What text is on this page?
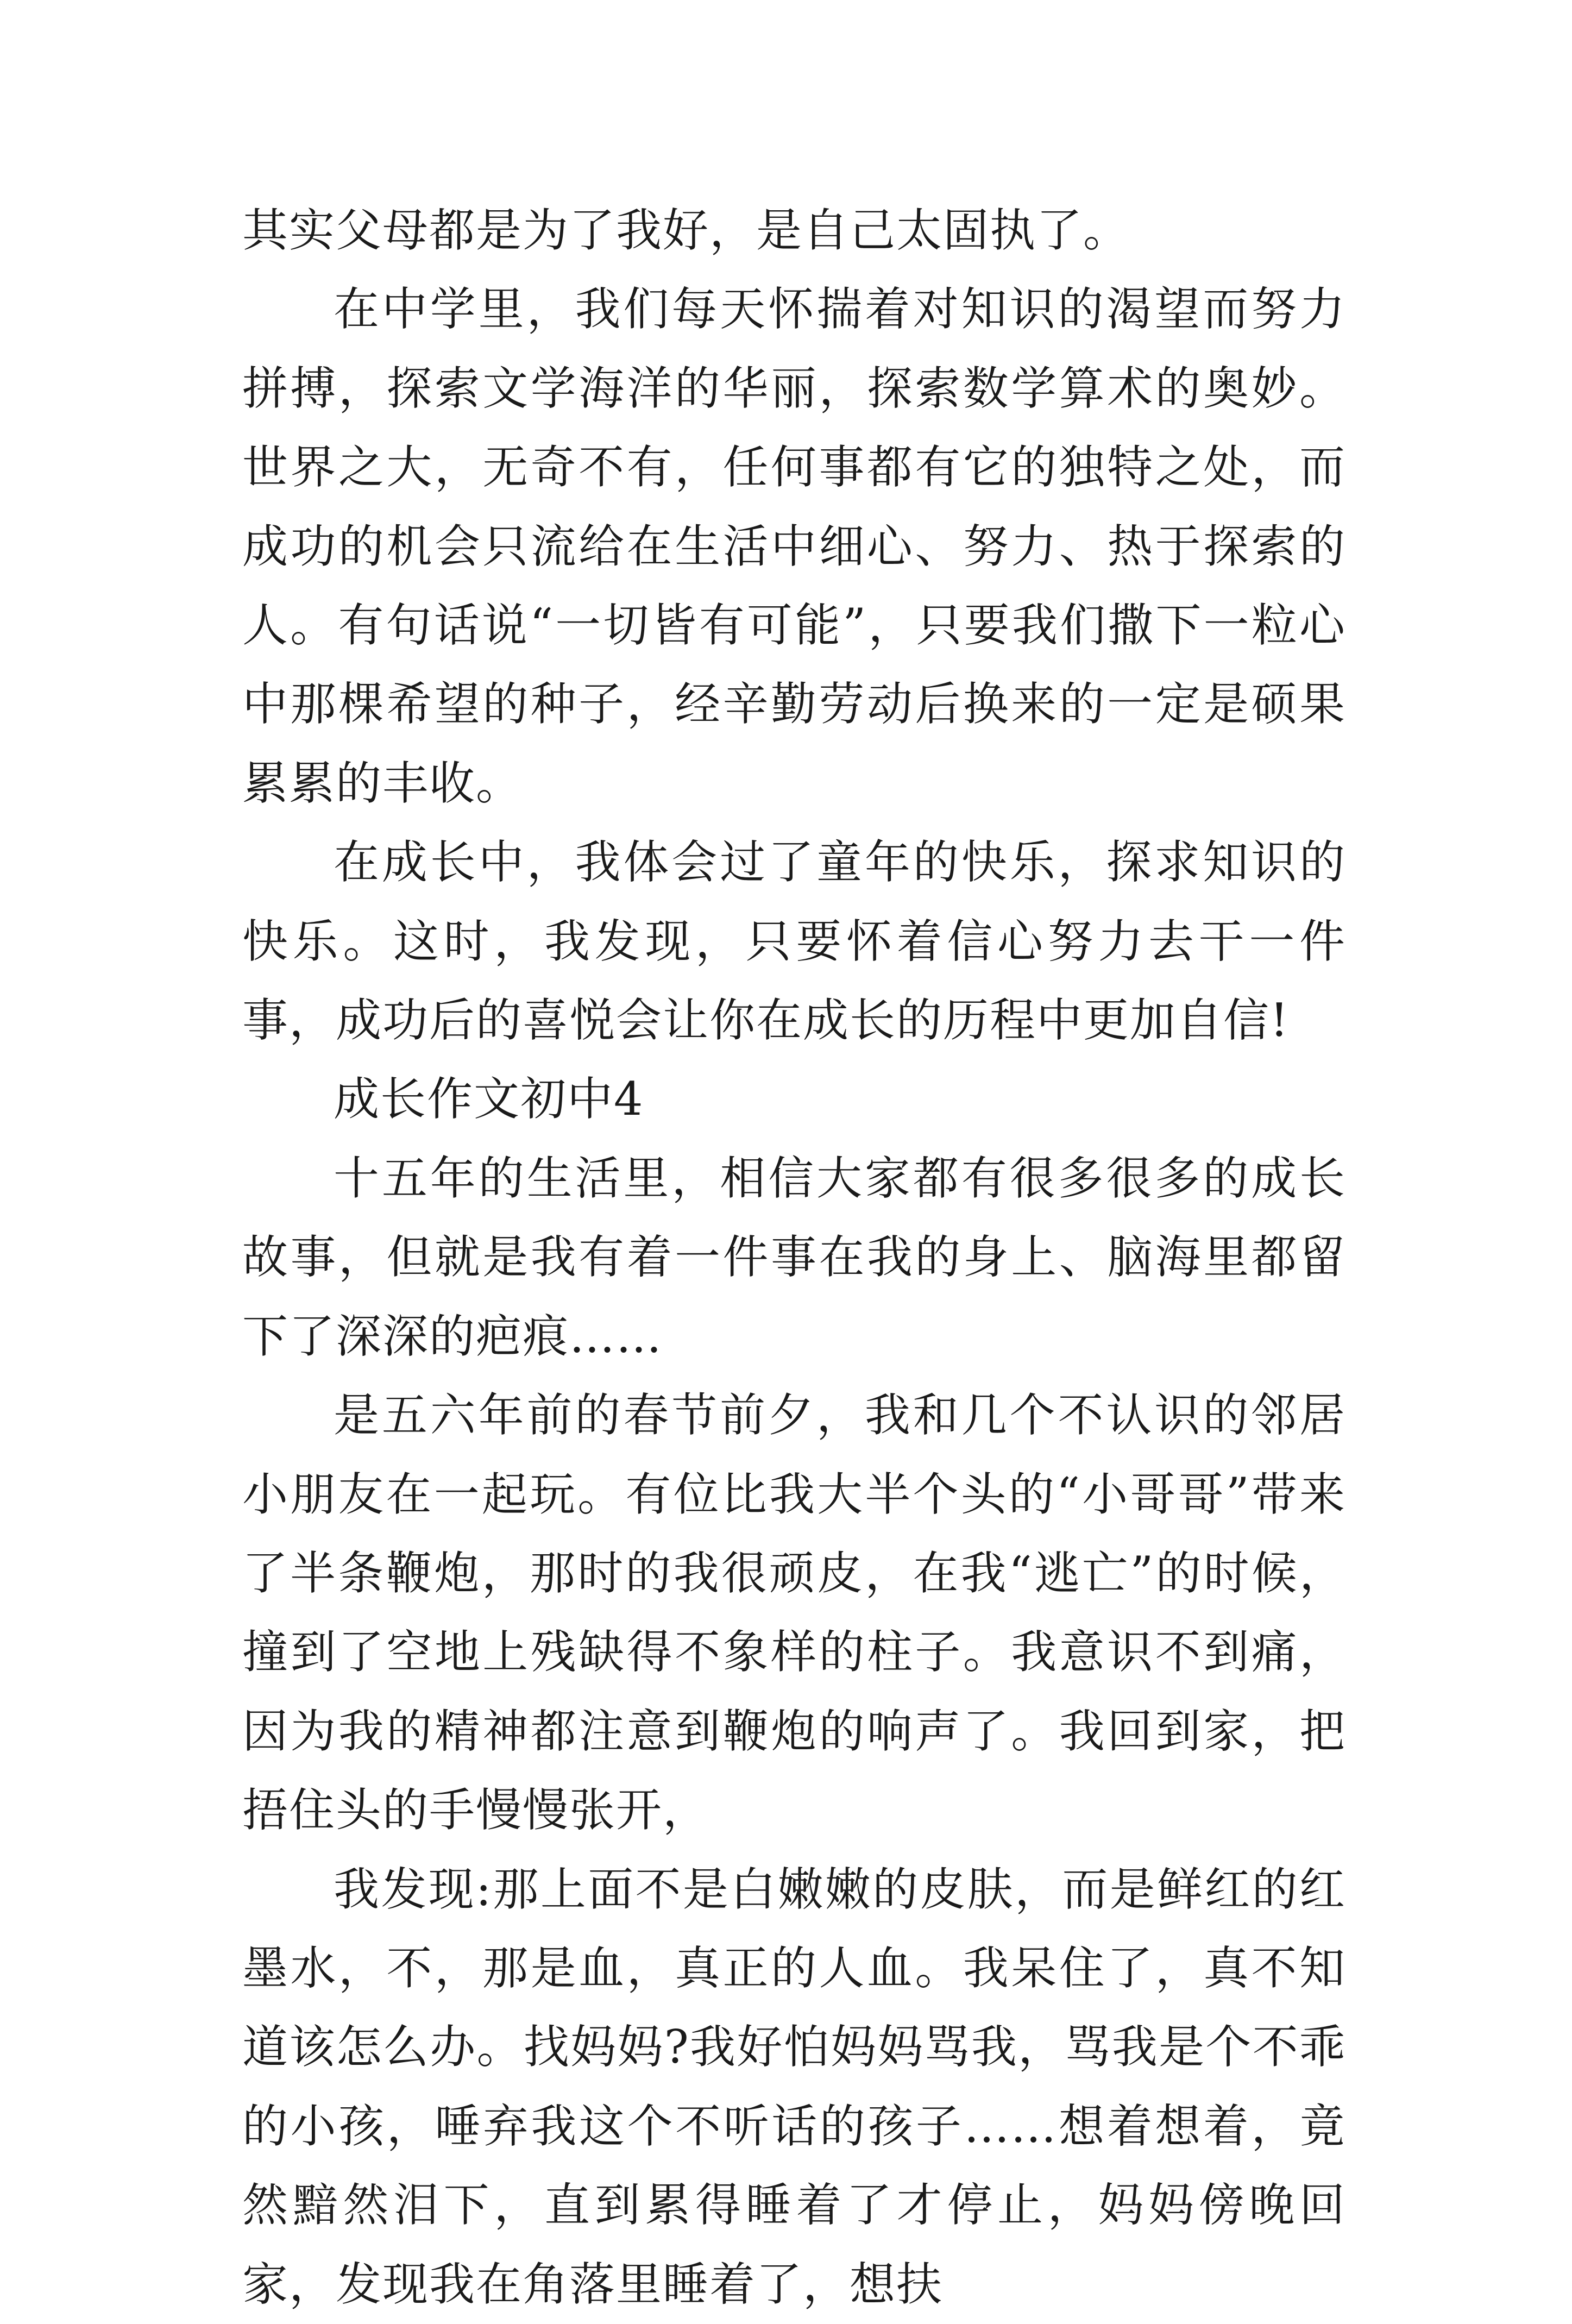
其实父母都是为了我好，是自己太固执了。

在中学里，我们每天怀揣着对知识的渴望而努力拼搏，探索文学海洋的华丽，探索数学算术的奥妙。世界之大，无奇不有，任何事都有它的独特之处，而成功的机会只流给在生活中细心、努力、热于探索的人。有句话说“一切皆有可能”，只要我们撒下一粒心中那棵希望的种子，经辛勤劳动后换来的一定是硕果累累的丰收。

在成长中，我体会过了童年的快乐，探求知识的快乐。这时，我发现，只要怀着信心努力去干一件事，成功后的喜悦会让你在成长的历程中更加自信!

成长作文初中4

十五年的生活里，相信大家都有很多很多的成长故事，但就是我有着一件事在我的身上、脑海里都留下了深深的疤痕……

是五六年前的春节前夕，我和几个不认识的邻居小朋友在一起玩。有位比我大半个头的“小哥哥”带来了半条鞭炮，那时的我很顽皮，在我“逃亡”的时候，撞到了空地上残缺得不象样的柱子。我意识不到痛，因为我的精神都注意到鞭炮的响声了。我回到家，把捂住头的手慢慢张开，

我发现:那上面不是白嫩嫩的皮肤，而是鲜红的红墨水，不，那是血，真正的人血。我呆住了，真不知道该怎么办。找妈妈?我好怕妈妈骂我，骂我是个不乖的小孩，唾弃我这个不听话的孩子……想着想着，竟然黯然泪下，直到累得睡着了才停止，妈妈傍晚回家，发现我在角落里睡着了，想扶
